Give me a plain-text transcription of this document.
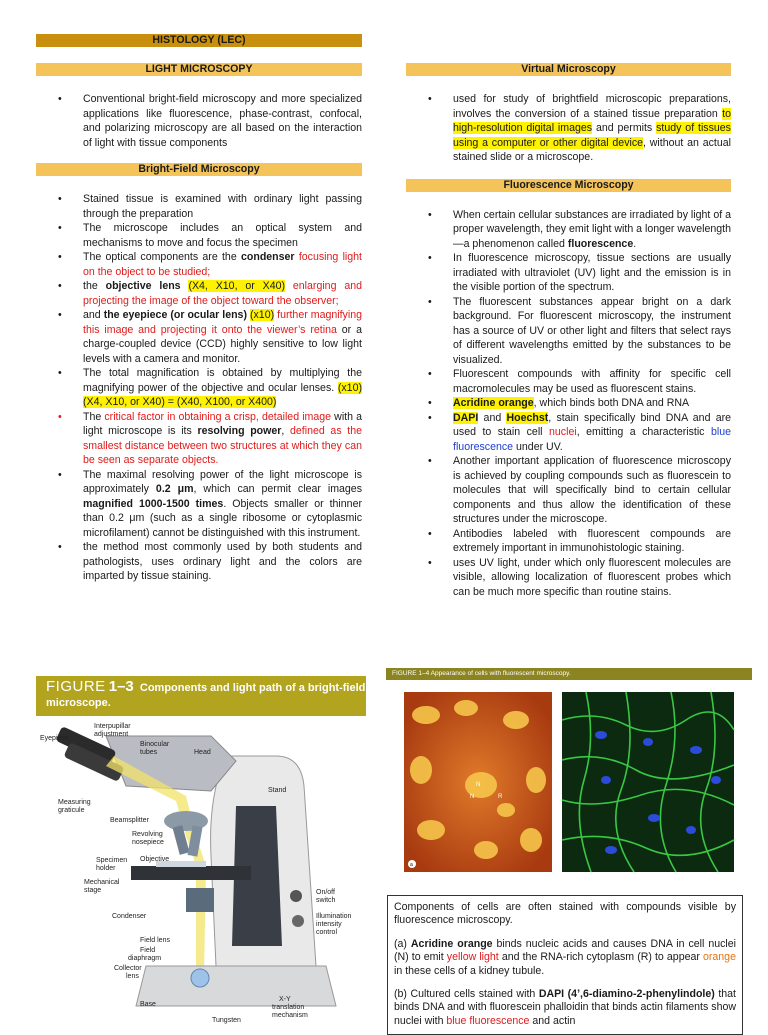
HISTOLOGY (LEC)
LIGHT MICROSCOPY
• Conventional bright-field microscopy and more specialized applications like fluorescence, phase-contrast, confocal, and polarizing microscopy are all based on the interaction of light with tissue components
Bright-Field Microscopy
• Stained tissue is examined with ordinary light passing through the preparation
• The microscope includes an optical system and mechanisms to move and focus the specimen
• The optical components are the condenser focusing light on the object to be studied;
• the objective lens (X4, X10, or X40) enlarging and projecting the image of the object toward the observer;
• and the eyepiece (or ocular lens) (x10) further magnifying this image and projecting it onto the viewer’s retina or a charge-coupled device (CCD) highly sensitive to low light levels with a camera and monitor.
• The total magnification is obtained by multiplying the magnifying power of the objective and ocular lenses. (x10) (X4, X10, or X40) = (X40, X100, or X400)
• The critical factor in obtaining a crisp, detailed image with a light microscope is its resolving power, defined as the smallest distance between two structures at which they can be seen as separate objects.
• The maximal resolving power of the light microscope is approximately 0.2 μm, which can permit clear images magnified 1000-1500 times. Objects smaller or thinner than 0.2 μm (such as a single ribosome or cytoplasmic microfilament) cannot be distinguished with this instrument.
• the method most commonly used by both students and pathologists, uses ordinary light and the colors are imparted by tissue staining.
FIGURE 1–3 Components and light path of a bright-field microscope.
Eyepiece
Interpupillar
adjustment
Binocular
tubes	Head
Stand
Measuring
graticule
Beamsplitter
Revolving
nosepiece
Objective
Specimen
holder
Mechanical
stage	On/off
switch
Condenser	Illumination
intensity
control
Field lens
Field
diaphragm
Collector
lens
Base
X-Y
translation
mechanism
Tungsten
Virtual Microscopy
• used for study of brightfield microscopic preparations, involves the conversion of a stained tissue preparation to high-resolution digital images and permits study of tissues using a computer or other digital device, without an actual stained slide or a microscope.
Fluorescence Microscopy
• When certain cellular substances are irradiated by light of a proper wavelength, they emit light with a longer wavelength—a phenomenon called fluorescence.
• In fluorescence microscopy, tissue sections are usually irradiated with ultraviolet (UV) light and the emission is in the visible portion of the spectrum.
• The fluorescent substances appear bright on a dark background. For fluorescent microscopy, the instrument has a source of UV or other light and filters that select rays of different wavelengths emitted by the substances to be visualized.
• Fluorescent compounds with affinity for specific cell macromolecules may be used as fluorescent stains.
• Acridine orange, which binds both DNA and RNA
• DAPI and Hoechst, stain specifically bind DNA and are used to stain cell nuclei, emitting a characteristic blue fluorescence under UV.
• Another important application of fluorescence microscopy is achieved by coupling compounds such as fluorescein to molecules that will specifically bind to certain cellular components and thus allow the identification of these structures under the microscope.
• Antibodies labeled with fluorescent compounds are extremely important in immunohistologic staining.
• uses UV light, under which only fluorescent molecules are visible, allowing localization of fluorescent probes which can be much more specific than routine stains.
FIGURE 1–4 Appearance of cells with fluorescent microscopy.
N
N	R
a

Components of cells are often stained with compounds visible by fluorescence microscopy.

(a) Acridine orange binds nucleic acids and causes DNA in cell nuclei (N) to emit yellow light and the RNA-rich cytoplasm (R) to appear orange in these cells of a kidney tubule.

(b) Cultured cells stained with DAPI (4’,6-diamino-2-phenylindole) that binds DNA and with fluorescein phalloidin that binds actin filaments show nuclei with blue fluorescence and actin
